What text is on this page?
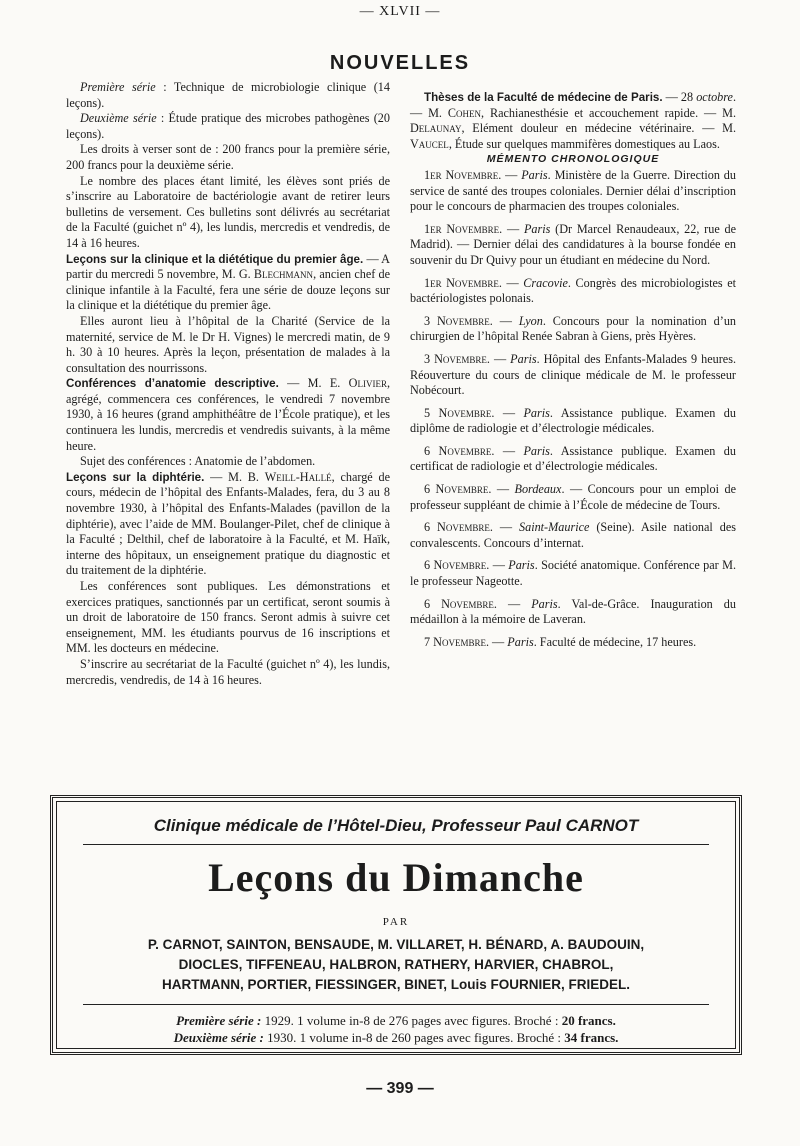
— XLVII —
NOUVELLES

Première série : Technique de microbiologie clinique (14 leçons).

Deuxième série : Étude pratique des microbes pathogènes (20 leçons).

Les droits à verser sont de : 200 francs pour la première série, 200 francs pour la deuxième série.

Le nombre des places étant limité, les élèves sont priés de s’inscrire au Laboratoire de bactériologie avant de retirer leurs bulletins de versement. Ces bulletins sont délivrés au secrétariat de la Faculté (guichet nº 4), les lundis, mercredis et vendredis, de 14 à 16 heures.

Leçons sur la clinique et la diététique du premier âge. — A partir du mercredi 5 novembre, M. G. Blechmann, ancien chef de clinique infantile à la Faculté, fera une série de douze leçons sur la clinique et la diététique du premier âge.

Elles auront lieu à l’hôpital de la Charité (Service de la maternité, service de M. le Dr H. Vignes) le mercredi matin, de 9 h. 30 à 10 heures. Après la leçon, présentation de malades à la consultation des nourrissons.

Conférences d’anatomie descriptive. — M. E. Olivier, agrégé, commencera ces conférences, le vendredi 7 novembre 1930, à 16 heures (grand amphithéâtre de l’École pratique), et les continuera les lundis, mercredis et vendredis suivants, à la même heure.

Sujet des conférences : Anatomie de l’abdomen.

Leçons sur la diphtérie. — M. B. Weill-Hallé, chargé de cours, médecin de l’hôpital des Enfants-Malades, fera, du 3 au 8 novembre 1930, à l’hôpital des Enfants-Malades (pavillon de la diphtérie), avec l’aide de MM. Boulanger-Pilet, chef de clinique à la Faculté ; Delthil, chef de laboratoire à la Faculté, et M. Haïk, interne des hôpitaux, un enseignement pratique du diagnostic et du traitement de la diphtérie.

Les conférences sont publiques. Les démonstrations et exercices pratiques, sanctionnés par un certificat, seront soumis à un droit de laboratoire de 150 francs. Seront admis à suivre cet enseignement, MM. les étudiants pourvus de 16 inscriptions et MM. les docteurs en médecine.

S’inscrire au secrétariat de la Faculté (guichet nº 4), les lundis, mercredis, vendredis, de 14 à 16 heures.

Thèses de la Faculté de médecine de Paris. — 28 octobre.— M. Cohen, Rachianesthésie et accouchement rapide. — M. Delaunay, Elément douleur en médecine vétérinaire. — M. Vaucel, Étude sur quelques mammifères domestiques au Laos.

MÉMENTO CHRONOLOGIQUE

1er Novembre. — Paris. Ministère de la Guerre. Direction du service de santé des troupes coloniales. Dernier délai d’inscription pour le concours de pharmacien des troupes coloniales.

1er Novembre. — Paris (Dr Marcel Renaudeaux, 22, rue de Madrid). — Dernier délai des candidatures à la bourse fondée en souvenir du Dr Quivy pour un étudiant en médecine du Nord.

1er Novembre. — Cracovie. Congrès des microbiologistes et bactériologistes polonais.

3 Novembre. — Lyon. Concours pour la nomination d’un chirurgien de l’hôpital Renée Sabran à Giens, près Hyères.

3 Novembre. — Paris. Hôpital des Enfants-Malades 9 heures. Réouverture du cours de clinique médicale de M. le professeur Nobécourt.

5 Novembre. — Paris. Assistance publique. Examen du diplôme de radiologie et d’électrologie médicales.

6 Novembre. — Paris. Assistance publique. Examen du certificat de radiologie et d’électrologie médicales.

6 Novembre. — Bordeaux. — Concours pour un emploi de professeur suppléant de chimie à l’École de médecine de Tours.

6 Novembre. — Saint-Maurice (Seine). Asile national des convalescents. Concours d’internat.

6 Novembre. — Paris. Société anatomique. Conférence par M. le professeur Nageotte.

6 Novembre. — Paris. Val-de-Grâce. Inauguration du médaillon à la mémoire de Laveran.

7 Novembre. — Paris. Faculté de médecine, 17 heures.

Clinique médicale de l’Hôtel-Dieu, Professeur Paul CARNOT
Leçons du Dimanche
PAR
P. CARNOT, SAINTON, BENSAUDE, M. VILLARET, H. BÉNARD, A. BAUDOUIN,
DIOCLES, TIFFENEAU, HALBRON, RATHERY, HARVIER, CHABROL,
HARTMANN, PORTIER, FIESSINGER, BINET, Louis FOURNIER, FRIEDEL.
Première série : 1929. 1 volume in-8 de 276 pages avec figures. Broché : 20 francs.
Deuxième série : 1930. 1 volume in-8 de 260 pages avec figures. Broché : 34 francs.
— 399 —
